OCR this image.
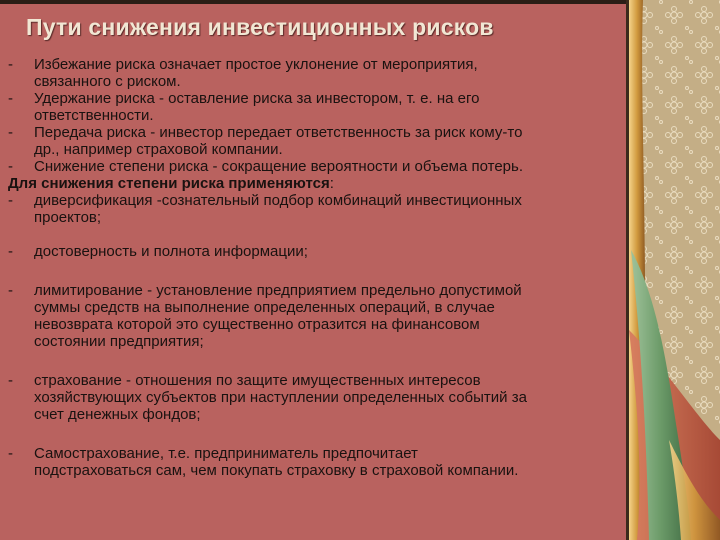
Пути снижения инвестиционных рисков
- Избежание риска означает простое уклонение от мероприятия,
связанного с риском.
- Удержание риска - оставление риска за инвестором, т. е. на его
ответственности.
- Передача риска - инвестор передает ответственность за риск кому-то
др., например страховой компании.
- Снижение степени риска - сокращение вероятности и объема потерь.
Для снижения степени риска применяются:
- диверсификация -сознательный подбор комбинаций инвестиционных
проектов;
- достоверность и полнота информации;
- лимитирование - установление предприятием предельно допустимой
суммы средств на выполнение определенных операций, в случае
невозврата которой это существенно отразится на финансовом
состоянии предприятия;
- страхование - отношения по защите имущественных интересов
хозяйствующих субъектов при наступлении определенных событий за
счет денежных фондов;
- Самострахование, т.е. предприниматель предпочитает
подстраховаться сам, чем покупать страховку в страховой компании.
